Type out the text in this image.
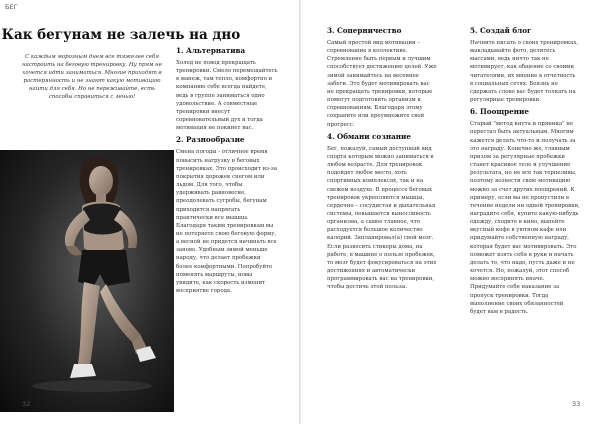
БЕГ
Как бегунам не залечь на дно
С каждым морозным днем все тяжелее себя настроить на беговую тренировку. Ну прям не хочется идти заниматься. Многие приходят в растерянность и не знают какую мотивацию найти для себя. Но не переживайте, есть способы справиться с ленью!
1. Альтернатива

Холод не повод прекращать тренировки. Смело перемещайтесь в манеж, там тепло, комфортно и компанию себе всегда найдете, ведь в группе заниматься одно удовольствие. А совместные тренировки внесут соревновательный дух и тогда мотивация не покинет вас.

2. Разнообразие

Смена погоды - отличное время повысить нагрузку в беговых тренировках. Это происходит из-за покрытия дорожек снегом или льдом. Для того, чтобы удерживать равновесие, преодолевать сугробы, бегунам приходится напрягать практически все мышцы. Благодаря таким тренировкам вы не потеряете свою беговую форму, а весной не придется начинать все заново. Удобным зимой меньше народу, что делает пробежки более комфортными. Попробуйте поменять маршруты, новы увидите, как скорость изменит восприятие города.

32
3. Соперничество

Самый простой вид мотивации – соревнование в коллективе. Стремление быть первым и лучшим способствует достижению целей. Уже зимой занимайтесь на весеннее забеги. Это будет мотивировать вас не прекращать тренировки, которые помогут подготовить организм к соревнованиям. Благодаря этому сохраните или преумножите свой прогресс.

4. Обмани сознание

Бег, пожалуй, самый доступный вид спорта которым можно заниматься в любом возрасте. Для тренировок подойдет любое место, хоть спортивных комплексах, так и на свежем воздухе. В процессе беговых тренировок укрепляются мышцы, сердечно – сосудистая и дыхательная системы, повышается выносливость организма, а самое главное, что расходуется большое количество калорий. Запланировал(а) свой мозг. Если развесить стикеры дома, на работе, в машине о пользе пробежек, то мозг будет фокусироваться на этих достижениях и автоматически программировать вас на тренировки, чтобы достичь этой пользы.

5. Создай блог

Начните писать о своих тренировках, выкладывайте фото, делитесь массами, ведь ничто так не мотивирует, как общение со своими читателями, их мнение в отчетность в социальных сетях. Боязнь не сдержать слово вас будет толкать на регулярные тренировки.

6. Поощрение

Старый "метод кнута и пряника" не перестал быть актуальным. Многим кажется делать что-то и получать за это награду. Конечно же, главным призом за регулярные пробежки станет красивое тело и улучшение результата, но не все так терпеливы, поэтому вознести свою мотивацию можно за счет других поощрений. К примеру, если вы не пропустили в течение недели ни одной тренировки, наградите себя, купите какую-нибудь одежду, сходите в кино, выпейте вкусный кофе в уютном кафе или придумайте собственную награду, которая будет вас мотивировать. Это поможет взять себя в руки и начать делать то, что надо, пусть даже и не хочется. Но, пожалуй, этот способ можно воспринять иначе. Придумайте себе наказание за пропуск тренировки. Тогда выполнение своих обязанностей будет вам в радость.

33
